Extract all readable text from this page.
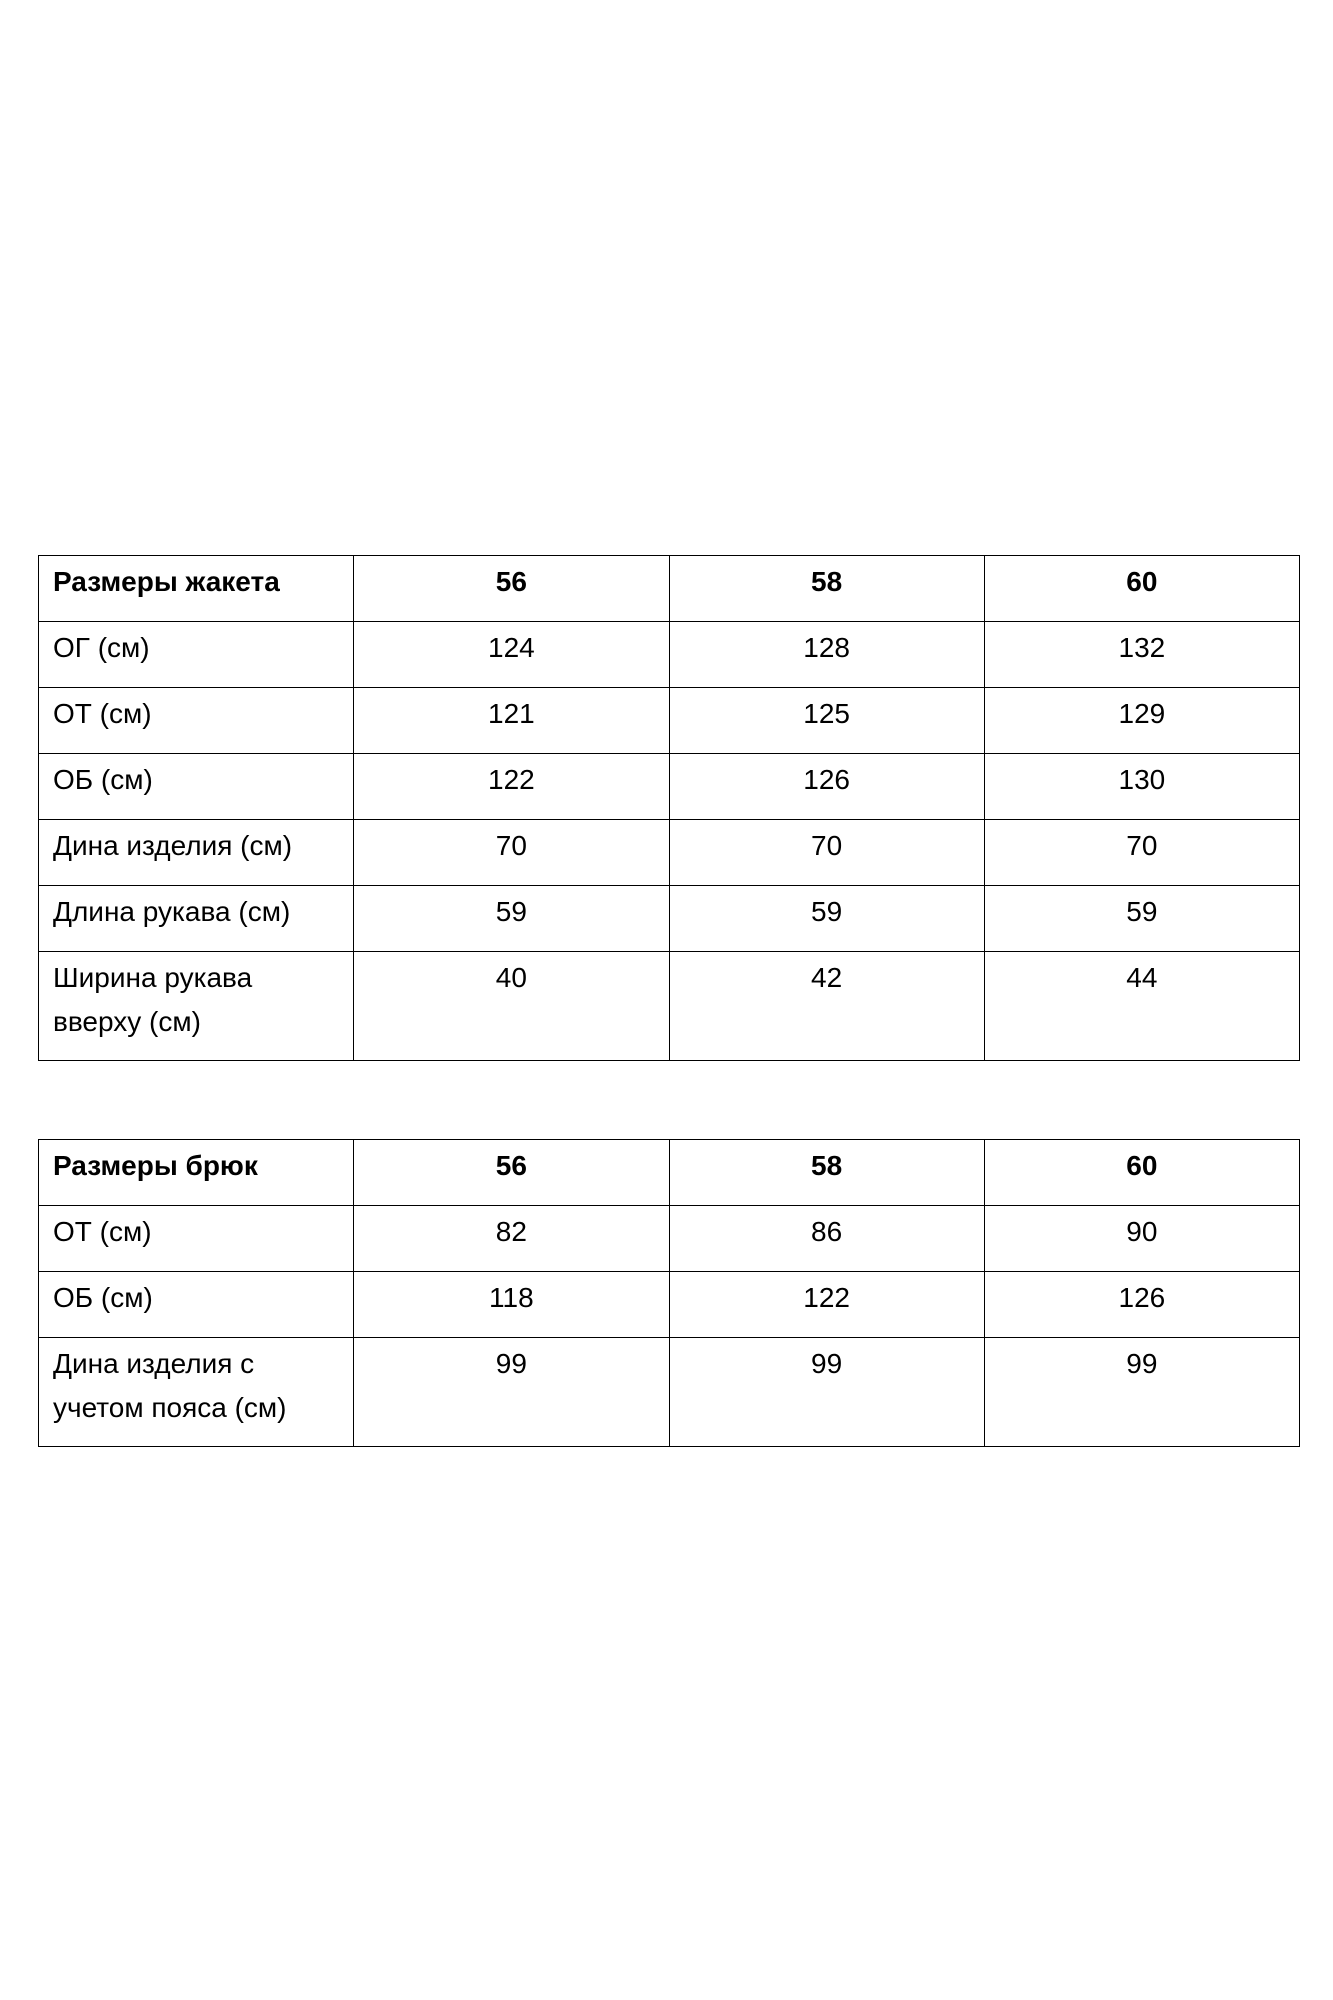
Размеры жакета	56	58	60
ОГ (см)	124	128	132
ОТ (см)	121	125	129
ОБ (см)	122	126	130
Дина изделия (см)	70	70	70
Длина рукава (см)	59	59	59
Ширина рукава вверху (см)	40	42	44
Размеры брюк	56	58	60
ОТ (см)	82	86	90
ОБ (см)	118	122	126
Дина изделия с учетом пояса (см)	99	99	99
